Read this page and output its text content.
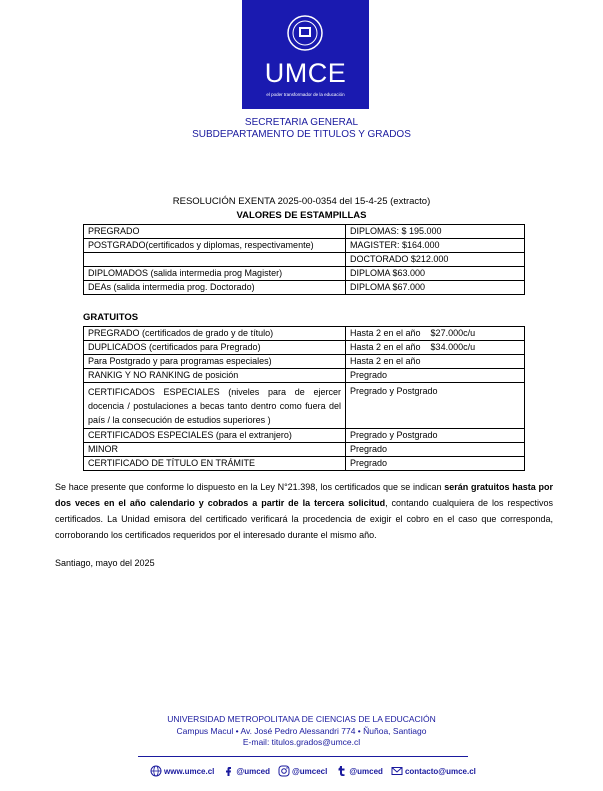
UMCE
el poder transformador de la educación
SECRETARIA GENERAL
SUBDEPARTAMENTO DE TITULOS Y GRADOS
RESOLUCIÓN EXENTA 2025-00-0354 del 15-4-25 (extracto)
VALORES DE ESTAMPILLAS
PREGRADO	DIPLOMAS: $ 195.000
POSTGRADO(certificados y diplomas, respectivamente)	MAGISTER: $164.000
	DOCTORADO $212.000
DIPLOMADOS (salida intermedia prog Magister)	DIPLOMA $63.000
DEAs (salida intermedia prog. Doctorado)	DIPLOMA $67.000
GRATUITOS
PREGRADO (certificados de grado y de título)	Hasta 2 en el año    $27.000c/u
DUPLICADOS (certificados para Pregrado)	Hasta 2 en el año    $34.000c/u
Para Postgrado y para programas especiales)	Hasta 2 en el año
RANKIG Y NO RANKING de posición	Pregrado
CERTIFICADOS ESPECIALES (niveles para de ejercer docencia / postulaciones a becas tanto dentro como fuera del país / la consecución de estudios superiores )	Pregrado y Postgrado
CERTIFICADOS ESPECIALES (para el extranjero)	Pregrado y Postgrado
MINOR	Pregrado
CERTIFICADO DE TÍTULO EN TRÁMITE	Pregrado
Se hace presente que conforme lo dispuesto en la Ley N°21.398, los certificados que se indican serán gratuitos hasta por dos veces en el año calendario y cobrados a partir de la tercera solicitud, contando cualquiera de los respectivos certificados. La Unidad emisora del certificado verificará la procedencia de exigir el cobro en el caso que corresponda, corroborando los certificados requeridos por el interesado durante el mismo año.
Santiago, mayo del 2025
UNIVERSIDAD METROPOLITANA DE CIENCIAS DE LA EDUCACIÓN
Campus Macul • Av. José Pedro Alessandri 774 • Ñuñoa, Santiago
E-mail: titulos.grados@umce.cl
www.umce.cl	@umced	@umcecl	@umced	contacto@umce.cl
